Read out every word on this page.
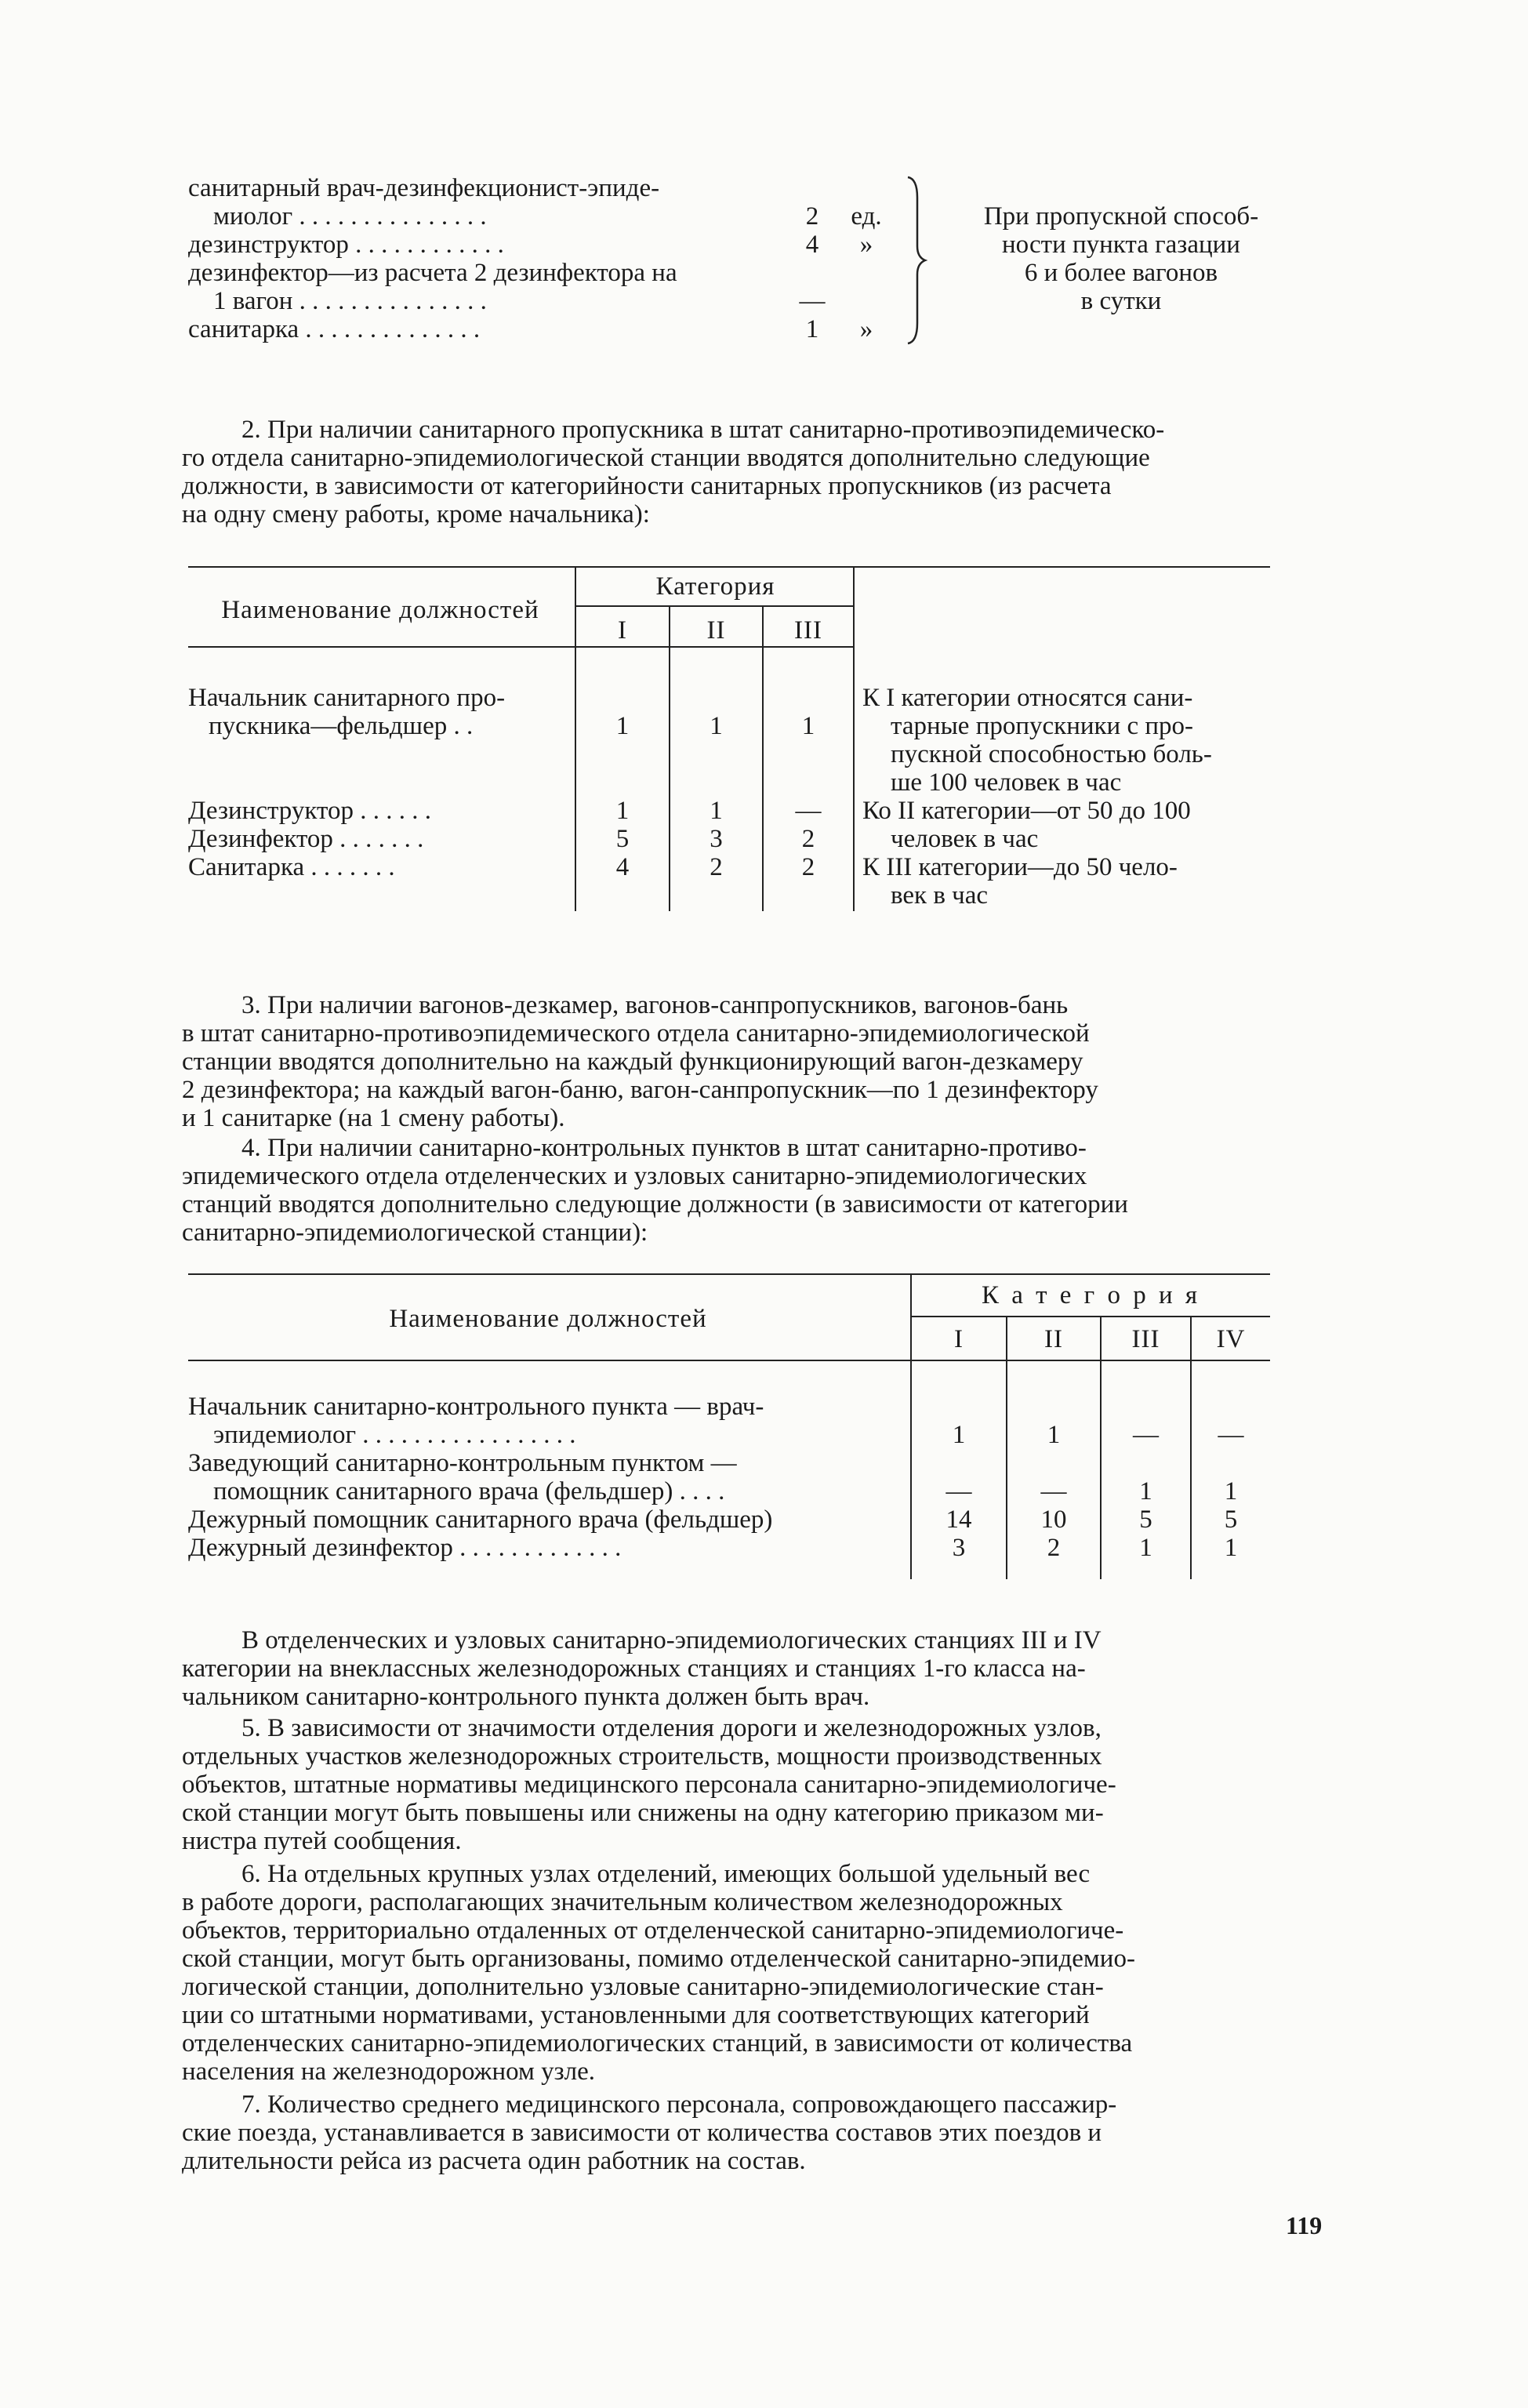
санитарный врач-дезинфекционист-эпиде-
миолог . . . . . . . . . . . . . . .	2	ед.
дезинструктор . . . . . . . . . . . .	4	»
дезинфектор—из расчета 2 дезинфектора на
1 вагон . . . . . . . . . . . . . . .	—
санитарка . . . . . . . . . . . . . .	1	»
При пропускной способ-
ности пункта газации
6 и более вагонов
в сутки
2. При наличии санитарного пропускника в штат санитарно-противоэпидемическо-
го отдела санитарно-эпидемиологической станции вводятся дополнительно следующие
должности, в зависимости от категорийности санитарных пропускников (из расчета
на одну смену работы, кроме начальника):
Наименование должностей
Категория
I	II	III
Начальник санитарного про-
пускника—фельдшер . .	1	1	1
Дезинструктор . . . . . .	1	1	—
Дезинфектор . . . . . . .	5	3	2
Санитарка . . . . . . .	4	2	2
К I категории относятся сани-
тарные пропускники с про-
пускной способностью боль-
ше 100 человек в час
Ко II категории—от 50 до 100
человек в час
К III категории—до 50 чело-
век в час
3. При наличии вагонов-дезкамер, вагонов-санпропускников, вагонов-бань
в штат санитарно-противоэпидемического отдела санитарно-эпидемиологической
станции вводятся дополнительно на каждый функционирующий вагон-дезкамеру
2 дезинфектора; на каждый вагон-баню, вагон-санпропускник—по 1 дезинфектору
и 1 санитарке (на 1 смену работы).
4. При наличии санитарно-контрольных пунктов в штат санитарно-противо-
эпидемического отдела отделенческих и узловых санитарно-эпидемиологических
станций вводятся дополнительно следующие должности (в зависимости от категории
санитарно-эпидемиологической станции):
Наименование должностей
К а т е г о р и я
I	II	III	IV
Начальник санитарно-контрольного пункта — врач-
эпидемиолог . . . . . . . . . . . . . . . . .	1	1	—	—
Заведующий санитарно-контрольным пунктом —
помощник санитарного врача (фельдшер) . . . .	—	—	1	1
Дежурный помощник санитарного врача (фельдшер)	14	10	5	5
Дежурный дезинфектор . . . . . . . . . . . . .	3	2	1	1
В отделенческих и узловых санитарно-эпидемиологических станциях III и IV
категории на внеклассных железнодорожных станциях и станциях 1-го класса на-
чальником санитарно-контрольного пункта должен быть врач.
5. В зависимости от значимости отделения дороги и железнодорожных узлов,
отдельных участков железнодорожных строительств, мощности производственных
объектов, штатные нормативы медицинского персонала санитарно-эпидемиологиче-
ской станции могут быть повышены или снижены на одну категорию приказом ми-
нистра путей сообщения.
6. На отдельных крупных узлах отделений, имеющих большой удельный вес
в работе дороги, располагающих значительным количеством железнодорожных
объектов, территориально отдаленных от отделенческой санитарно-эпидемиологиче-
ской станции, могут быть организованы, помимо отделенческой санитарно-эпидемио-
логической станции, дополнительно узловые санитарно-эпидемиологические стан-
ции со штатными нормативами, установленными для соответствующих категорий
отделенческих санитарно-эпидемиологических станций, в зависимости от количества
населения на железнодорожном узле.
7. Количество среднего медицинского персонала, сопровождающего пассажир-
ские поезда, устанавливается в зависимости от количества составов этих поездов и
длительности рейса из расчета один работник на состав.
119
